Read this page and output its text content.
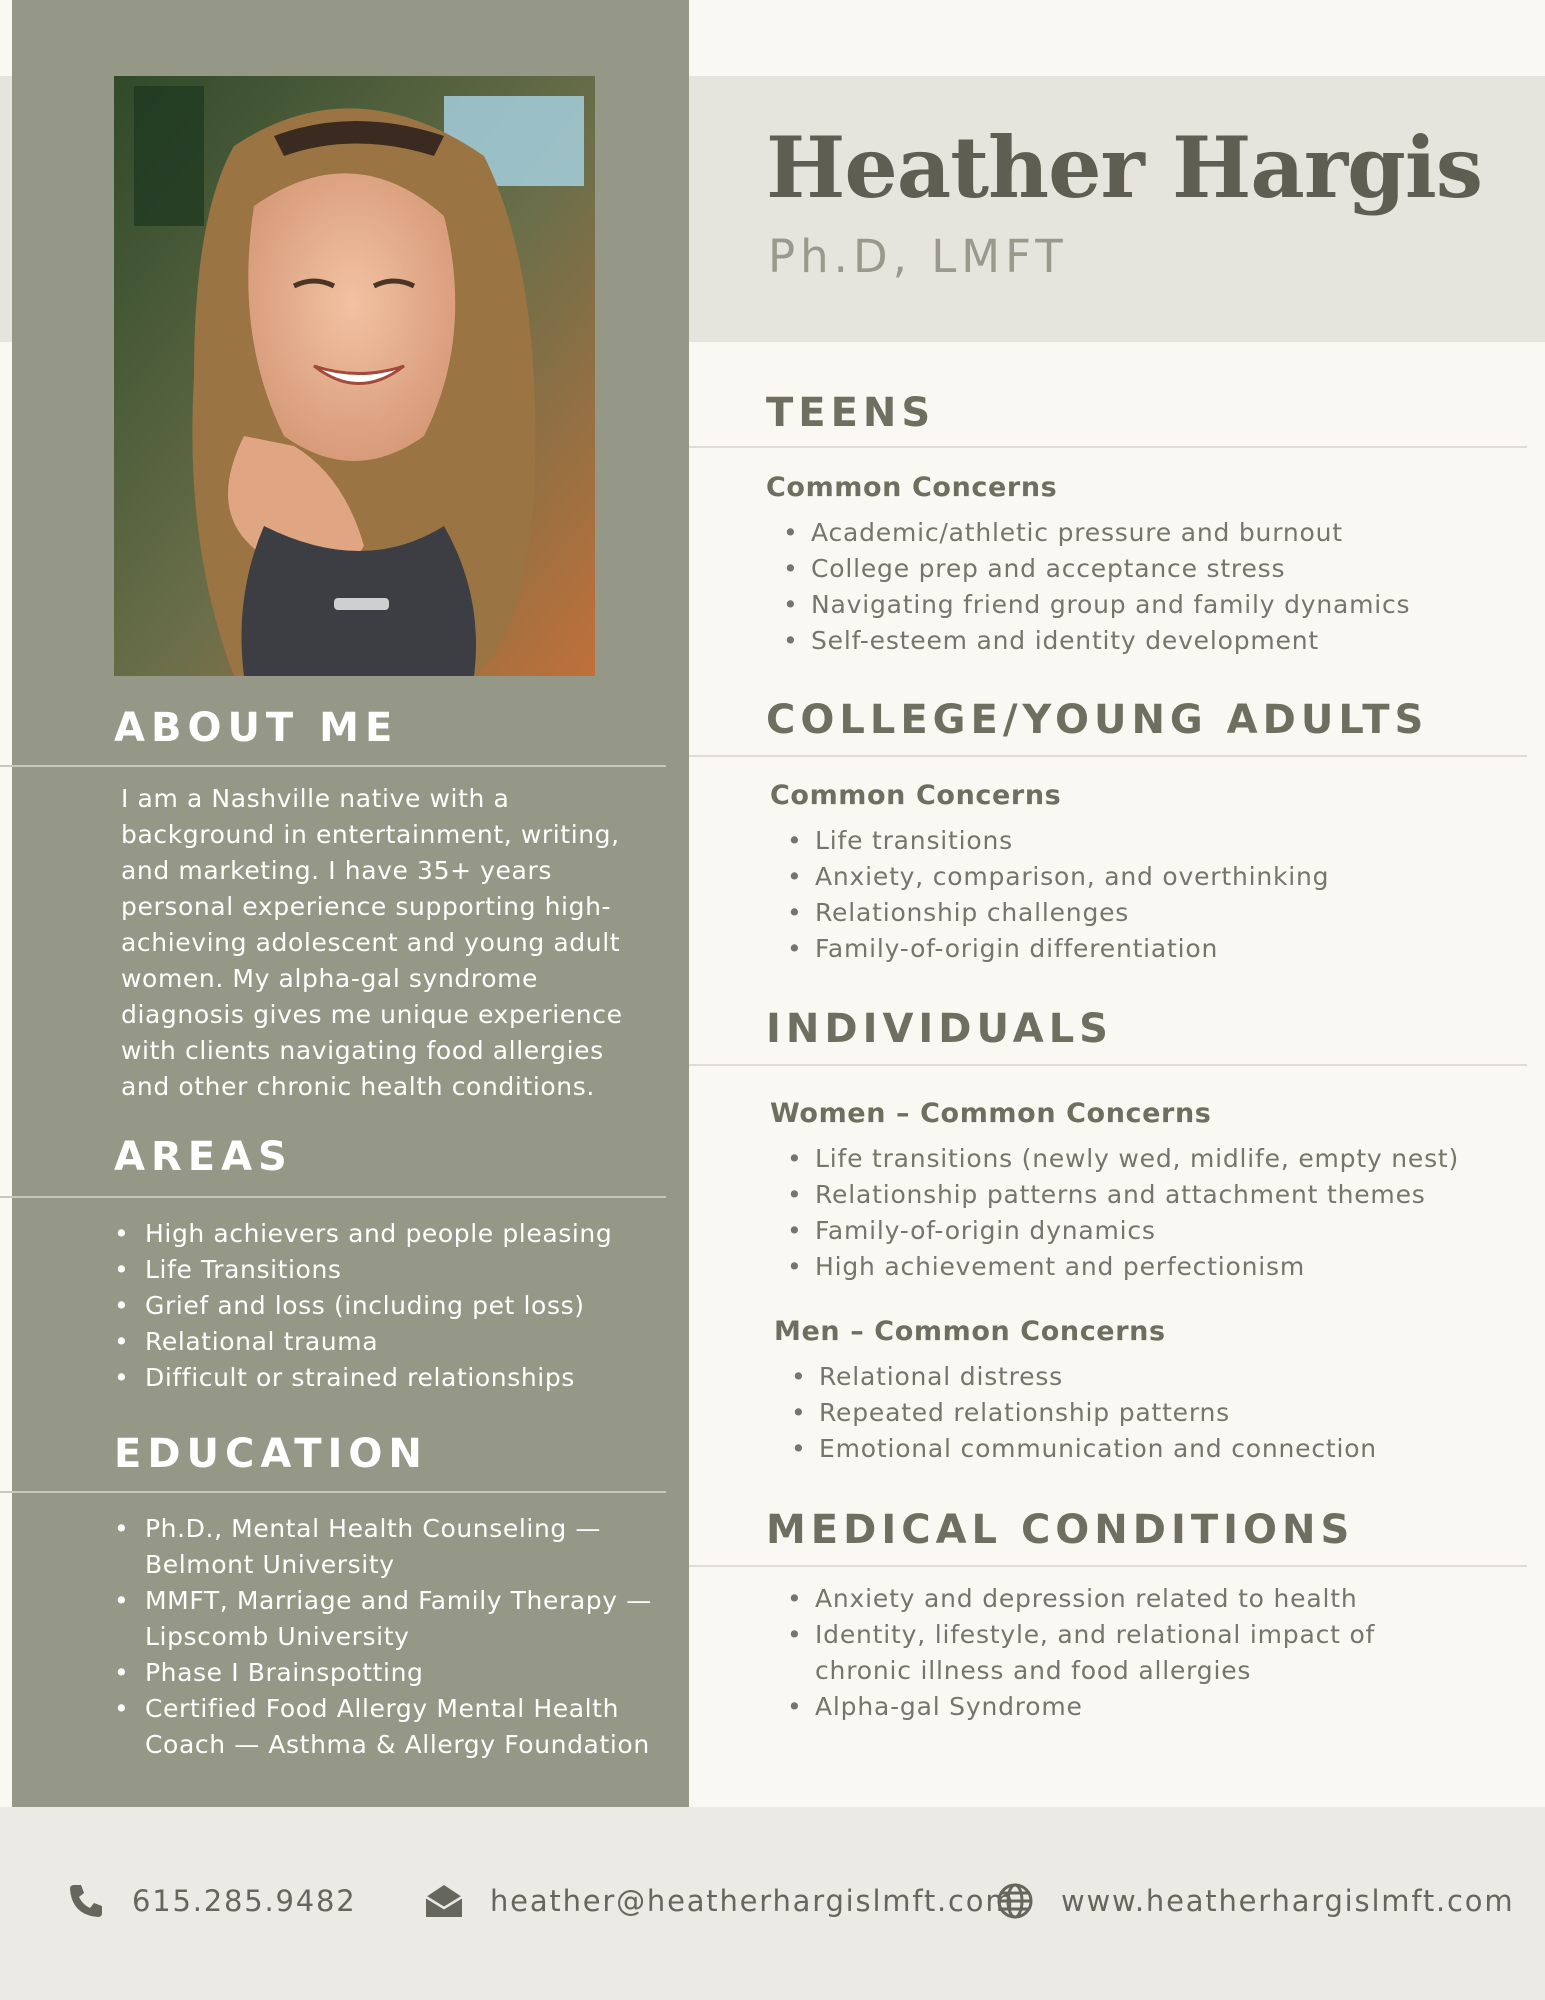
Heather Hargis
Ph.D, LMFT
ABOUT ME
I am a Nashville native with a background in entertainment, writing, and marketing. I have 35+ years personal experience supporting high-achieving adolescent and young adult women. My alpha-gal syndrome diagnosis gives me unique experience with clients navigating food allergies and other chronic health conditions.
AREAS
• High achievers and people pleasing
• Life Transitions
• Grief and loss (including pet loss)
• Relational trauma
• Difficult or strained relationships
EDUCATION
• Ph.D., Mental Health Counseling — Belmont University
• MMFT, Marriage and Family Therapy — Lipscomb University
• Phase I Brainspotting
• Certified Food Allergy Mental Health Coach — Asthma & Allergy Foundation
TEENS
Common Concerns
• Academic/athletic pressure and burnout
• College prep and acceptance stress
• Navigating friend group and family dynamics
• Self-esteem and identity development
COLLEGE/YOUNG ADULTS
Common Concerns
• Life transitions
• Anxiety, comparison, and overthinking
• Relationship challenges
• Family-of-origin differentiation
INDIVIDUALS
Women – Common Concerns
• Life transitions (newly wed, midlife, empty nest)
• Relationship patterns and attachment themes
• Family-of-origin dynamics
• High achievement and perfectionism
Men – Common Concerns
• Relational distress
• Repeated relationship patterns
• Emotional communication and connection
MEDICAL CONDITIONS
• Anxiety and depression related to health
• Identity, lifestyle, and relational impact of chronic illness and food allergies
• Alpha-gal Syndrome
615.285.9482	heather@heatherhargislmft.com www.heatherhargislmft.com
